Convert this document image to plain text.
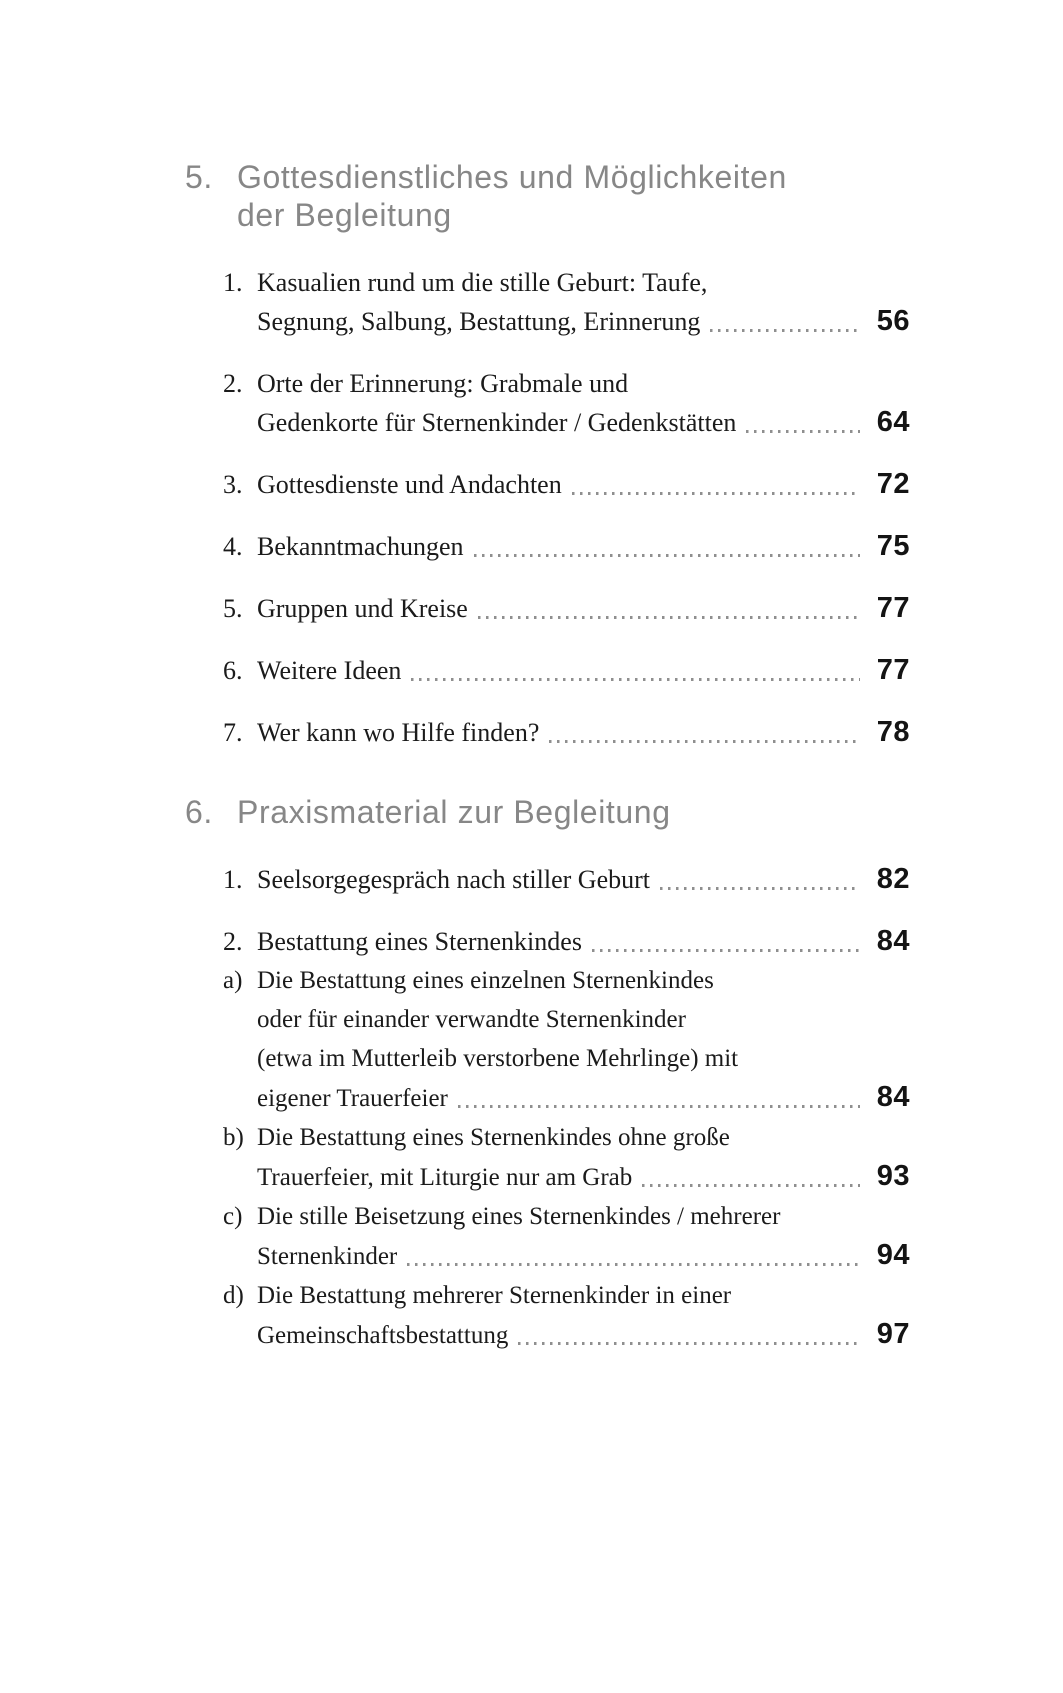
5. Gottesdienstliches und Möglichkeiten
der Begleitung
1. Kasualien rund um die stille Geburt: Taufe,
Segnung, Salbung, Bestattung, Erinnerung	56
2. Orte der Erinnerung: Grabmale und
Gedenkorte für Sternenkinder / Gedenkstätten	64
3. Gottesdienste und Andachten	72
4. Bekanntmachungen	75
5. Gruppen und Kreise	77
6. Weitere Ideen	77
7. Wer kann wo Hilfe finden?	78
6. Praxismaterial zur Begleitung
1. Seelsorgegespräch nach stiller Geburt	82
2. Bestattung eines Sternenkindes	84
a) Die Bestattung eines einzelnen Sternenkindes
oder für einander verwandte Sternenkinder
(etwa im Mutterleib verstorbene Mehrlinge) mit
eigener Trauerfeier	84
b) Die Bestattung eines Sternenkindes ohne große
Trauerfeier, mit Liturgie nur am Grab	93
c) Die stille Beisetzung eines Sternenkindes / mehrerer
Sternenkinder	94
d) Die Bestattung mehrerer Sternenkinder in einer
Gemeinschaftsbestattung	97
